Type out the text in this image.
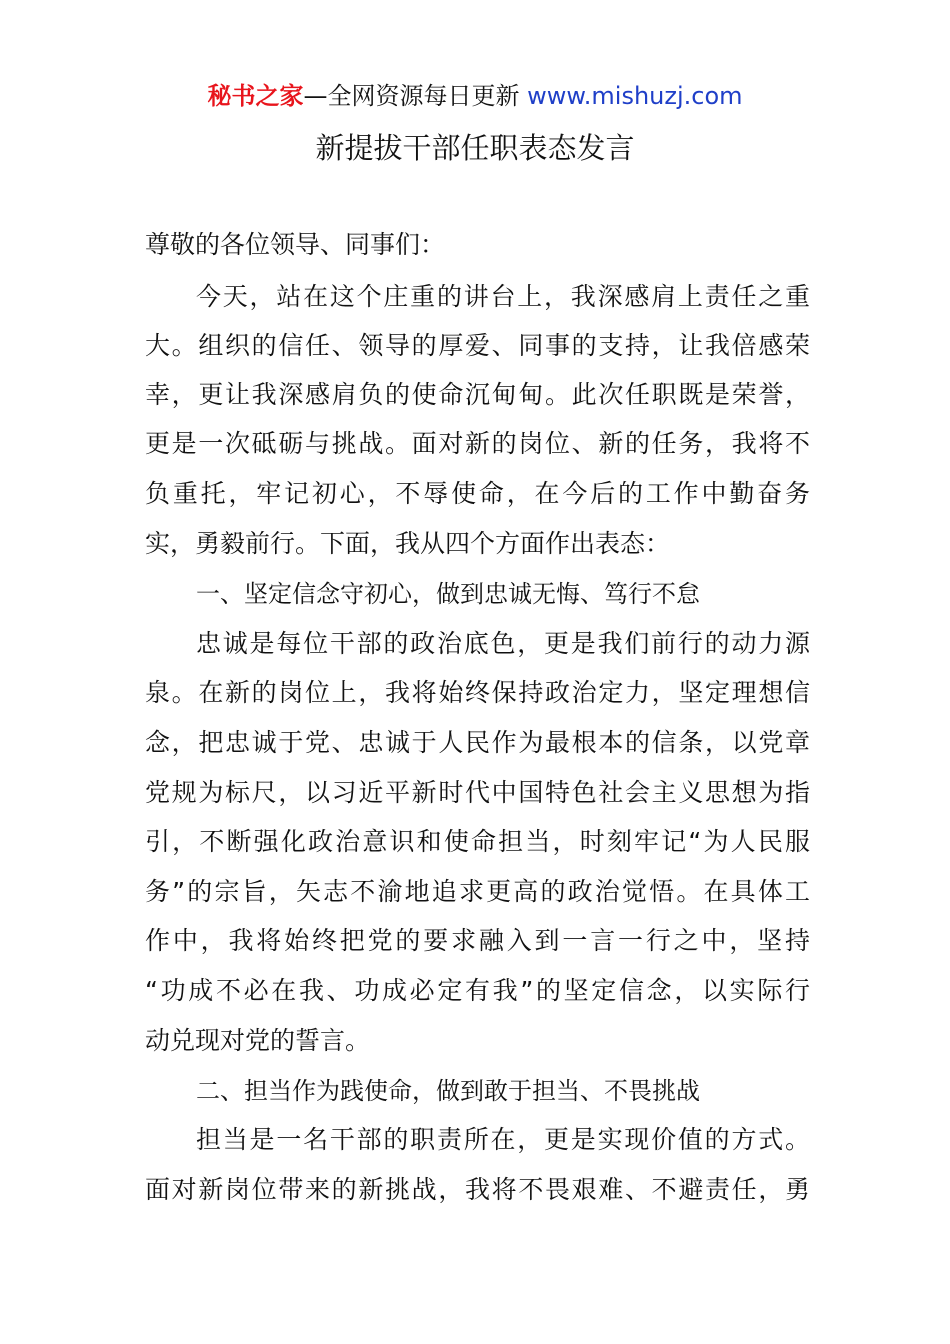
秘书之家—全网资源每日更新 www.mishuzj.com
新提拔干部任职表态发言
尊敬的各位领导、同事们：
今天，站在这个庄重的讲台上，我深感肩上责任之重
大。组织的信任、领导的厚爱、同事的支持，让我倍感荣
幸，更让我深感肩负的使命沉甸甸。此次任职既是荣誉，
更是一次砥砺与挑战。面对新的岗位、新的任务，我将不
负重托，牢记初心，不辱使命，在今后的工作中勤奋务
实，勇毅前行。下面，我从四个方面作出表态：
一、坚定信念守初心，做到忠诚无悔、笃行不怠
忠诚是每位干部的政治底色，更是我们前行的动力源
泉。在新的岗位上，我将始终保持政治定力，坚定理想信
念，把忠诚于党、忠诚于人民作为最根本的信条，以党章
党规为标尺，以习近平新时代中国特色社会主义思想为指
引，不断强化政治意识和使命担当，时刻牢记“为人民服
务”的宗旨，矢志不渝地追求更高的政治觉悟。在具体工
作中，我将始终把党的要求融入到一言一行之中，坚持
“功成不必在我、功成必定有我”的坚定信念，以实际行
动兑现对党的誓言。
二、担当作为践使命，做到敢于担当、不畏挑战
担当是一名干部的职责所在，更是实现价值的方式。
面对新岗位带来的新挑战，我将不畏艰难、不避责任，勇
